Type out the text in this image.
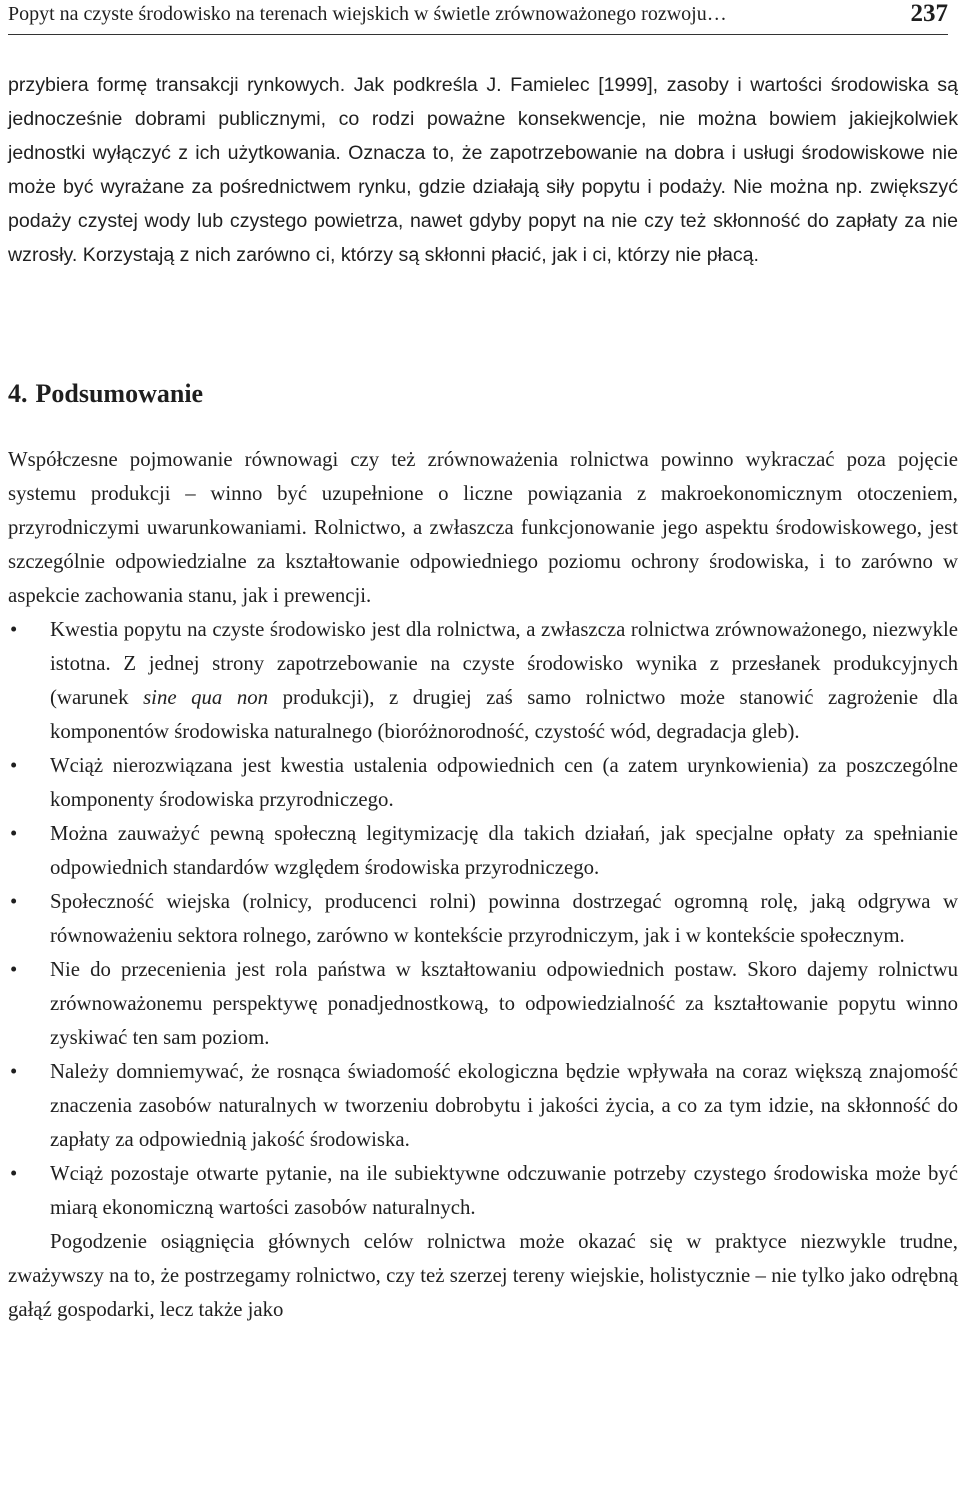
Popyt na czyste środowisko na terenach wiejskich w świetle zrównoważonego rozwoju…	237

przybiera formę transakcji rynkowych. Jak podkreśla J. Famielec [1999], zasoby i wartości środowiska są jednocześnie dobrami publicznymi, co rodzi poważne konsekwencje, nie można bowiem jakiejkolwiek jednostki wyłączyć z ich użytkowania. Oznacza to, że zapotrzebowanie na dobra i usługi środowiskowe nie może być wyrażane za pośrednictwem rynku, gdzie działają siły popytu i podaży. Nie można np. zwiększyć podaży czystej wody lub czystego powietrza, nawet gdyby popyt na nie czy też skłonność do zapłaty za nie wzrosły. Korzystają z nich zarówno ci, którzy są skłonni płacić, jak i ci, którzy nie płacą.

4. Podsumowanie

Współczesne pojmowanie równowagi czy też zrównoważenia rolnictwa powinno wykraczać poza pojęcie systemu produkcji – winno być uzupełnione o liczne powiązania z makroekonomicznym otoczeniem, przyrodniczymi uwarunkowaniami. Rolnictwo, a zwłaszcza funkcjonowanie jego aspektu środowiskowego, jest szczególnie odpowiedzialne za kształtowanie odpowiedniego poziomu ochrony środowiska, i to zarówno w aspekcie zachowania stanu, jak i prewencji.

• Kwestia popytu na czyste środowisko jest dla rolnictwa, a zwłaszcza rolnictwa zrównoważonego, niezwykle istotna. Z jednej strony zapotrzebowanie na czyste środowisko wynika z przesłanek produkcyjnych (warunek sine qua non produkcji), z drugiej zaś samo rolnictwo może stanowić zagrożenie dla komponentów środowiska naturalnego (bioróżnorodność, czystość wód, degradacja gleb).
• Wciąż nierozwiązana jest kwestia ustalenia odpowiednich cen (a zatem urynkowienia) za poszczególne komponenty środowiska przyrodniczego.
• Można zauważyć pewną społeczną legitymizację dla takich działań, jak specjalne opłaty za spełnianie odpowiednich standardów względem środowiska przyrodniczego.
• Społeczność wiejska (rolnicy, producenci rolni) powinna dostrzegać ogromną rolę, jaką odgrywa w równoważeniu sektora rolnego, zarówno w kontekście przyrodniczym, jak i w kontekście społecznym.
• Nie do przecenienia jest rola państwa w kształtowaniu odpowiednich postaw. Skoro dajemy rolnictwu zrównoważonemu perspektywę ponadjednostkową, to odpowiedzialność za kształtowanie popytu winno zyskiwać ten sam poziom.
• Należy domniemywać, że rosnąca świadomość ekologiczna będzie wpływała na coraz większą znajomość znaczenia zasobów naturalnych w tworzeniu dobrobytu i jakości życia, a co za tym idzie, na skłonność do zapłaty za odpowiednią jakość środowiska.
• Wciąż pozostaje otwarte pytanie, na ile subiektywne odczuwanie potrzeby czystego środowiska może być miarą ekonomiczną wartości zasobów naturalnych.

Pogodzenie osiągnięcia głównych celów rolnictwa może okazać się w praktyce niezwykle trudne, zważywszy na to, że postrzegamy rolnictwo, czy też szerzej tereny wiejskie, holistycznie – nie tylko jako odrębną gałąź gospodarki, lecz także jako
